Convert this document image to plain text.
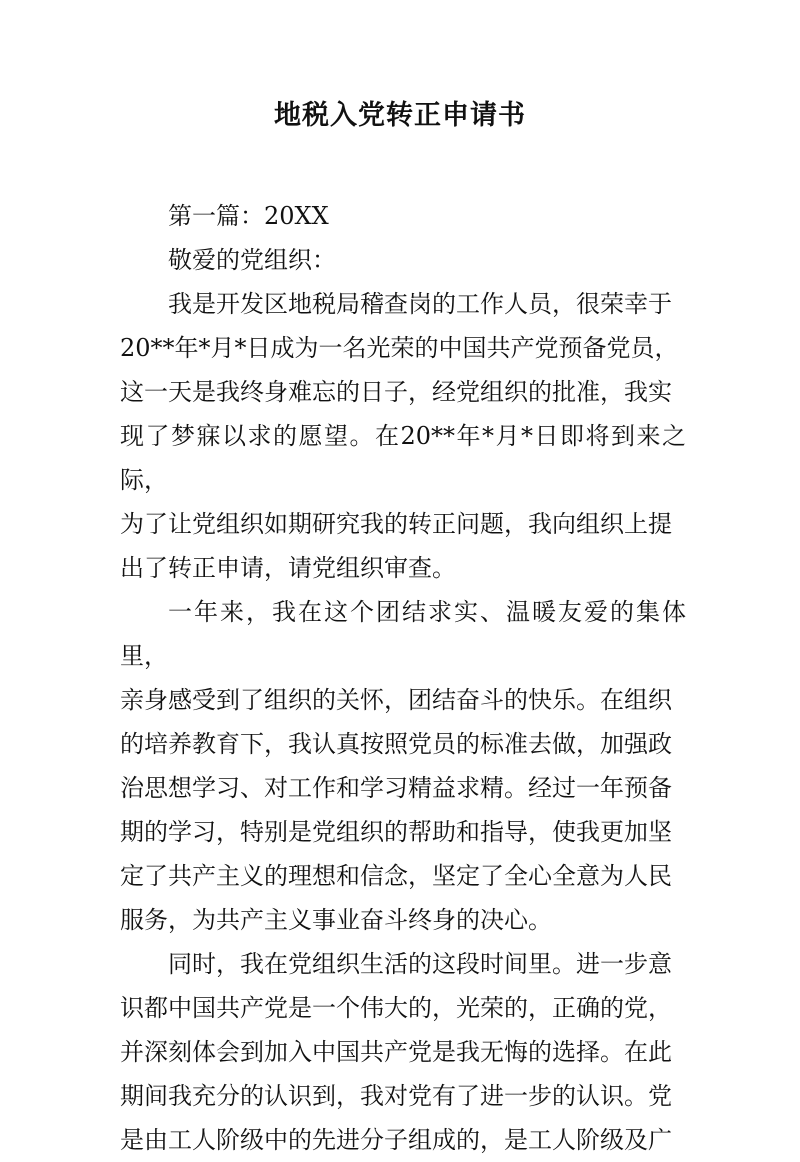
地税入党转正申请书

第一篇：20XX

敬爱的党组织：

我是开发区地税局稽查岗的工作人员，很荣幸于
20**年*月*日成为一名光荣的中国共产党预备党员，
这一天是我终身难忘的日子，经党组织的批准，我实
现了梦寐以求的愿望。在20**年*月*日即将到来之际，
为了让党组织如期研究我的转正问题，我向组织上提
出了转正申请，请党组织审查。

一年来，我在这个团结求实、温暖友爱的集体里，
亲身感受到了组织的关怀，团结奋斗的快乐。在组织
的培养教育下，我认真按照党员的标准去做，加强政
治思想学习、对工作和学习精益求精。经过一年预备
期的学习，特别是党组织的帮助和指导，使我更加坚
定了共产主义的理想和信念，坚定了全心全意为人民
服务，为共产主义事业奋斗终身的决心。

同时，我在党组织生活的这段时间里。进一步意
识都中国共产党是一个伟大的，光荣的，正确的党，
并深刻体会到加入中国共产党是我无悔的选择。在此
期间我充分的认识到，我对党有了进一步的认识。党
是由工人阶级中的先进分子组成的，是工人阶级及广
